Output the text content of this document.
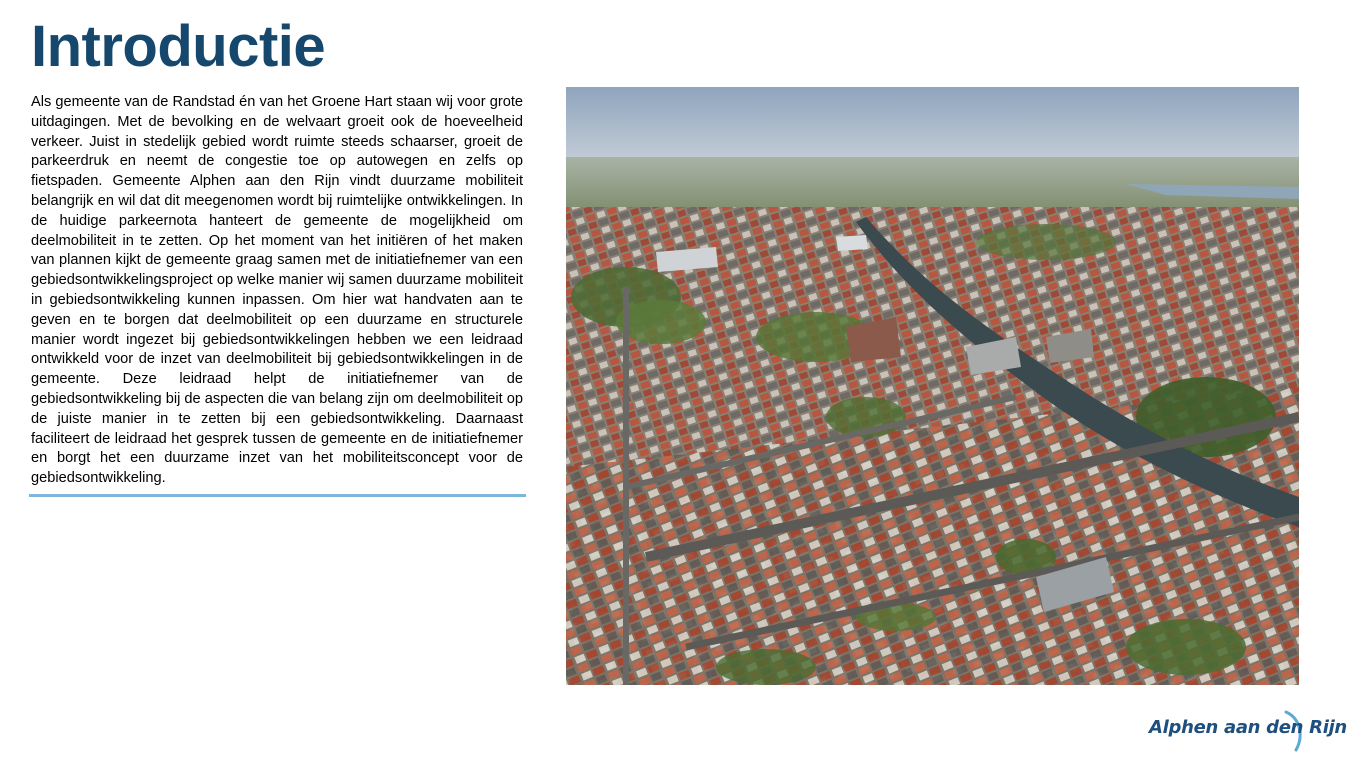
Introductie

Als gemeente van de Randstad én van het Groene Hart staan wij voor grote uitdagingen. Met de bevolking en de welvaart groeit ook de hoeveelheid verkeer. Juist in stedelijk gebied wordt ruimte steeds schaarser, groeit de parkeerdruk en neemt de congestie toe op autowegen en zelfs op fietspaden. Gemeente Alphen aan den Rijn vindt duurzame mobiliteit belangrijk en wil dat dit meegenomen wordt bij ruimtelijke ontwikkelingen. In de huidige parkeernota hanteert de gemeente de mogelijkheid om deelmobiliteit in te zetten. Op het moment van het initiëren of het maken van plannen kijkt de gemeente graag samen met de initiatiefnemer van een gebiedsontwikkelingsproject op welke manier wij samen duurzame mobiliteit in gebiedsontwikkeling kunnen inpassen. Om hier wat handvaten aan te geven en te borgen dat deelmobiliteit op een duurzame en structurele manier wordt ingezet bij gebiedsontwikkelingen hebben we een leidraad ontwikkeld voor de inzet van deelmobiliteit bij gebiedsontwikkelingen in de gemeente. Deze leidraad helpt de initiatiefnemer van de gebiedsontwikkeling bij de aspecten die van belang zijn om deelmobiliteit op de juiste manier in te zetten bij een gebiedsontwikkeling. Daarnaast faciliteert de leidraad het gesprek tussen de gemeente en de initiatiefnemer en borgt het een duurzame inzet van het mobiliteitsconcept voor de gebiedsontwikkeling.

Alphen aan den Rijn
